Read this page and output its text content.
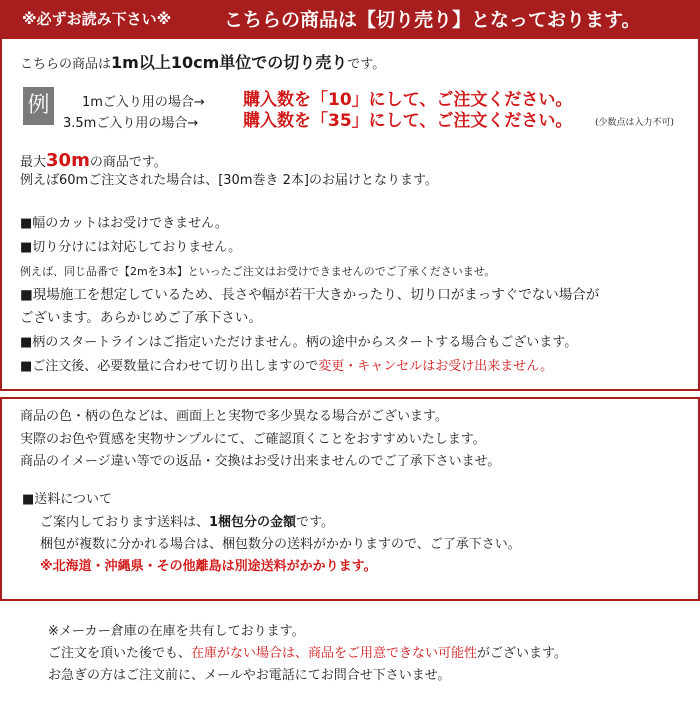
※必ずお読み下さい※	こちらの商品は【切り売り】となっております。
こちらの商品は1m以上10cm単位での切り売りです。
例	1mご入り用の場合→ 購入数を「10」にして、ご注文ください。
3.5mご入り用の場合→	購入数を「35」にして、ご注文ください。	(少数点は入力不可)
最大30mの商品です。
例えば60mご注文された場合は、[30m巻き 2本]のお届けとなります。
■幅のカットはお受けできません。
■切り分けには対応しておりません。
例えば、同じ品番で【2mを3本】といったご注文はお受けできませんのでご了承くださいませ。
■現場施工を想定しているため、長さや幅が若干大きかったり、切り口がまっすぐでない場合が
ございます。あらかじめご了承下さい。
■柄のスタートラインはご指定いただけません。柄の途中からスタートする場合もございます。
■ご注文後、必要数量に合わせて切り出しますので変更・キャンセルはお受け出来ません。
商品の色・柄の色などは、画面上と実物で多少異なる場合がございます。
実際のお色や質感を実物サンプルにて、ご確認頂くことをおすすめいたします。
商品のイメージ違い等での返品・交換はお受け出来ませんのでご了承下さいませ。
■送料について
ご案内しております送料は、1梱包分の金額です。
梱包が複数に分かれる場合は、梱包数分の送料がかかりますので、ご了承下さい。
※北海道・沖縄県・その他離島は別途送料がかかります。
※メーカー倉庫の在庫を共有しております。
ご注文を頂いた後でも、在庫がない場合は、商品をご用意できない可能性がございます。
お急ぎの方はご注文前に、メールやお電話にてお問合せ下さいませ。
